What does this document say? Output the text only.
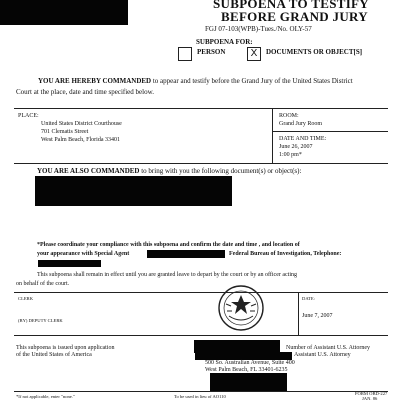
SUBPOENA TO TESTIFY
BEFORE GRAND JURY
FGJ 07-103(WPB)-Tues./No. OLY-57
SUBPOENA FOR:
PERSON	X	DOCUMENTS OR OBJECT[S]
YOU ARE HEREBY COMMANDED to appear and testify before the Grand Jury of the United States District
Court at the place, date and time specified below.
PLACE:
United States District Courthouse
701 Clematis Street
West Palm Beach, Florida 33401
ROOM:
Grand Jury Room
DATE AND TIME:
June 26, 2007
1:00 pm*
YOU ARE ALSO COMMANDED to bring with you the following document(s) or object(s):
*Please coordinate your compliance with this subpoena and confirm the date and time , and location of
your appearance with Special Agent	Federal Bureau of Investigation, Telephone:
This subpoena shall remain in effect until you are granted leave to depart by the court or by an officer acting
on behalf of the court.
CLERK
(BY) DEPUTY CLERK
DATE:
June 7, 2007
This subpoena is issued upon application
of the United States of America
Number of Assistant U.S. Attorney
Assistant U.S. Attorney
500 So. Australian Avenue, Suite 400
West Palm Beach, FL 33401-6235
*If not applicable, enter "none."	To be used in lieu of AO110
FORM OBD-227
JAN. 86
